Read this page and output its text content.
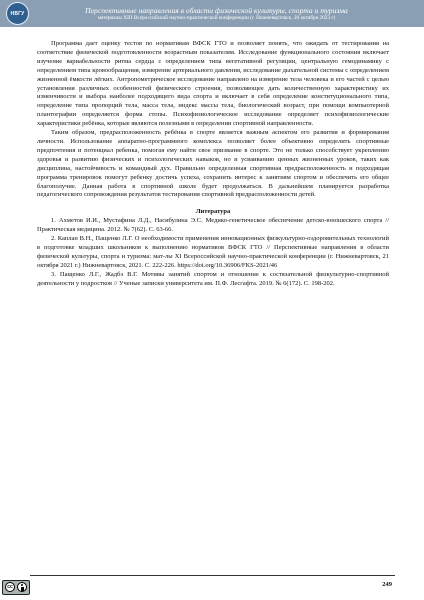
НВГУ	Перспективные направления в области физической культуры, спорта и туризма
материалы XIII Всероссийской научно-практической конференции (г. Нижневартовск, 20 октября 2023 г)

Программа дает оценку тестов по нормативам ВФСК ГТО и позволяет понять, что ожидать от тестирования на соответствие физической подготовленности возрастным показателям. Исследование функционального состояния включает изучение вариабельности ритма сердца с определением типа вегетативной регуляции, центральную гемодинамику с определением типа кровообращения, измерение артериального давления, исследование дыхательной системы с определением жизненной ёмкости лёгких. Антропометрическое исследование направлено на измерение тела человека и его частей с целью установления различных особенностей физического строения, позволяющее дать количественную характеристику их изменчивости и выбора наиболее подходящего вида спорта и включает в себя определение конституционального типа, определение типа пропорций тела, масса тела, индекс массы тела, биологический возраст, при помощи компьютерной плантографии определяется форма стопы. Психофизиологическое исследование определяет психофизиологические характеристики ребёнка, которые являются полезными в определении спортивной направленности.

Таким образом, предрасположенность ребёнка в спорте является важным аспектом его развития и формирования личности. Использование аппаратно-программного комплекса позволяет более объективно определить спортивные предпочтения и потенциал ребенка, помогая ему найти свое призвание в спорте. Это не только способствует укреплению здоровья и развитию физических и психологических навыков, но и усваиванию ценных жизненных уроков, таких как дисциплина, настойчивость и командный дух. Правильно определенная спортивная предрасположенность и подходящая программа тренировок помогут ребенку достичь успеха, сохранить интерес к занятиям спортом и обеспечить его общее благополучие. Данная работа в спортивной школе будет продолжаться. В дальнейшем планируется разработка педагогического сопровождения результатов тестирования спортивной предрасположенности детей.

Литература

1. Ахметов И.И., Мустафина Л.Д., Насибулина Э.С. Медико-генетическое обеспечение детско-юношеского спорта // Практическая медицина. 2012. № 7(62). С. 63-66.

2. Каплан В.Н., Пащенко Л.Г. О необходимости применения инновационных физкультурно-оздоровительных технологий в подготовке младших школьников к выполнению нормативов ВФСК ГТО // Перспективные направления в области физической культуры, спорта и туризма: мат-лы XI Всероссийской научно-практической конференции (г. Нижневартовск, 21 октября 2021 г.) Нижневартовск, 2021. С. 222-226. https://doi.org/10.36906/FKS-2021/46

3. Пащенко Л.Г., Жадбэ В.Г. Мотивы занятий спортом и отношение к состязательной физкультурно-спортивной деятельности у подростков // Ученые записки университета им. П.Ф. Лесгафта. 2019. № 6(172). С. 198-202.

cc	249
